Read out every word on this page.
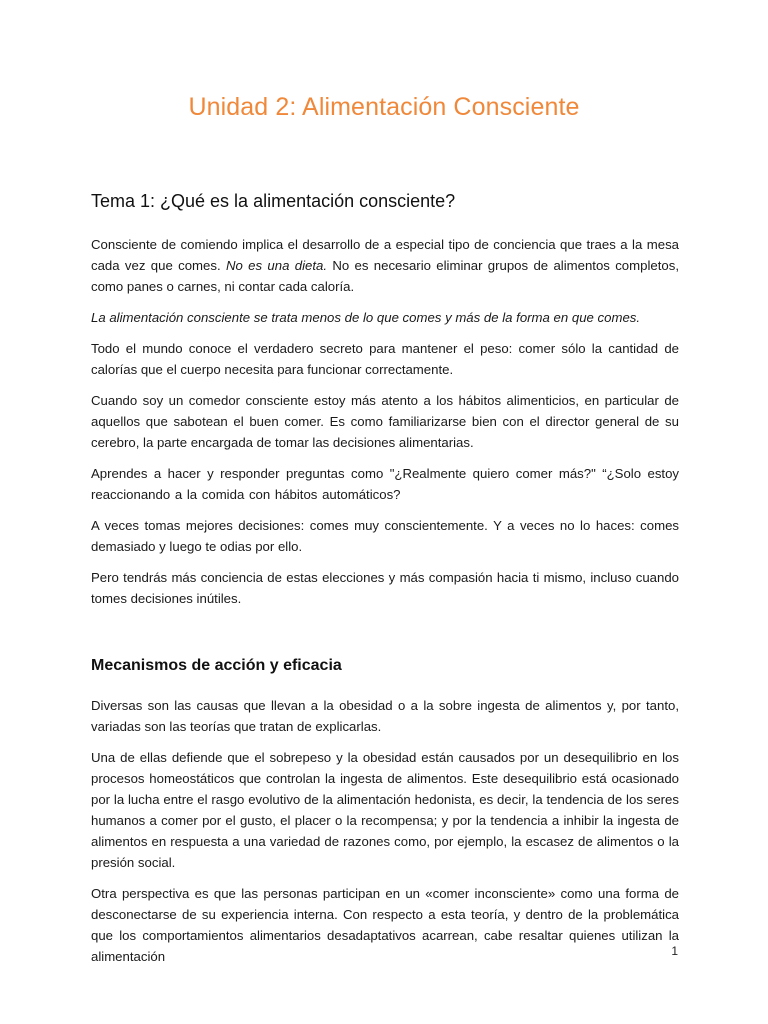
Unidad 2: Alimentación Consciente
Tema 1: ¿Qué es la alimentación consciente?

Consciente de comiendo implica el desarrollo de a especial tipo de conciencia que traes a la mesa cada vez que comes. No es una dieta. No es necesario eliminar grupos de alimentos completos, como panes o carnes, ni contar cada caloría.

La alimentación consciente se trata menos de lo que comes y más de la forma en que comes.

Todo el mundo conoce el verdadero secreto para mantener el peso: comer sólo la cantidad de calorías que el cuerpo necesita para funcionar correctamente.

Cuando soy un comedor consciente estoy más atento a los hábitos alimenticios, en particular de aquellos que sabotean el buen comer. Es como familiarizarse bien con el director general de su cerebro, la parte encargada de tomar las decisiones alimentarias.

Aprendes a hacer y responder preguntas como "¿Realmente quiero comer más?" “¿Solo estoy reaccionando a la comida con hábitos automáticos?

A veces tomas mejores decisiones: comes muy conscientemente. Y a veces no lo haces: comes demasiado y luego te odias por ello.

Pero tendrás más conciencia de estas elecciones y más compasión hacia ti mismo, incluso cuando tomes decisiones inútiles.

Mecanismos de acción y eficacia

Diversas son las causas que llevan a la obesidad o a la sobre ingesta de alimentos y, por tanto, variadas son las teorías que tratan de explicarlas.

Una de ellas defiende que el sobrepeso y la obesidad están causados por un desequilibrio en los procesos homeostáticos que controlan la ingesta de alimentos. Este desequilibrio está ocasionado por la lucha entre el rasgo evolutivo de la alimentación hedonista, es decir, la tendencia de los seres humanos a comer por el gusto, el placer o la recompensa; y por la tendencia a inhibir la ingesta de alimentos en respuesta a una variedad de razones como, por ejemplo, la escasez de alimentos o la presión social.

Otra perspectiva es que las personas participan en un «comer inconsciente» como una forma de desconectarse de su experiencia interna. Con respecto a esta teoría, y dentro de la problemática que los comportamientos alimentarios desadaptativos acarrean, cabe resaltar quienes utilizan la alimentación	1
